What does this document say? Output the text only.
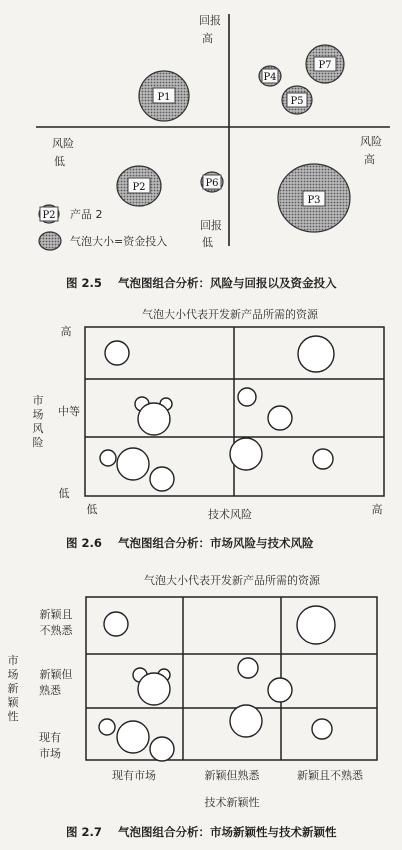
回报
高
回报
低
风险
低
风险
高
P1
P4
P7
P5
P2	P6
P3
P2 产品 2
气泡大小=资金投入
图 2.5 气泡图组合分析：风险与回报以及资金投入
气泡大小代表开发新产品所需的资源
市
场
风
险
高
中等
低
低	技术风险	高
图 2.6 气泡图组合分析：市场风险与技术风险
气泡大小代表开发新产品所需的资源
市
场
新
颖
性
新颖且
不熟悉
新颖但
熟悉
现有
市场
现有市场	新颖但熟悉	新颖且不熟悉
技术新颖性
图 2.7 气泡图组合分析：市场新颖性与技术新颖性
